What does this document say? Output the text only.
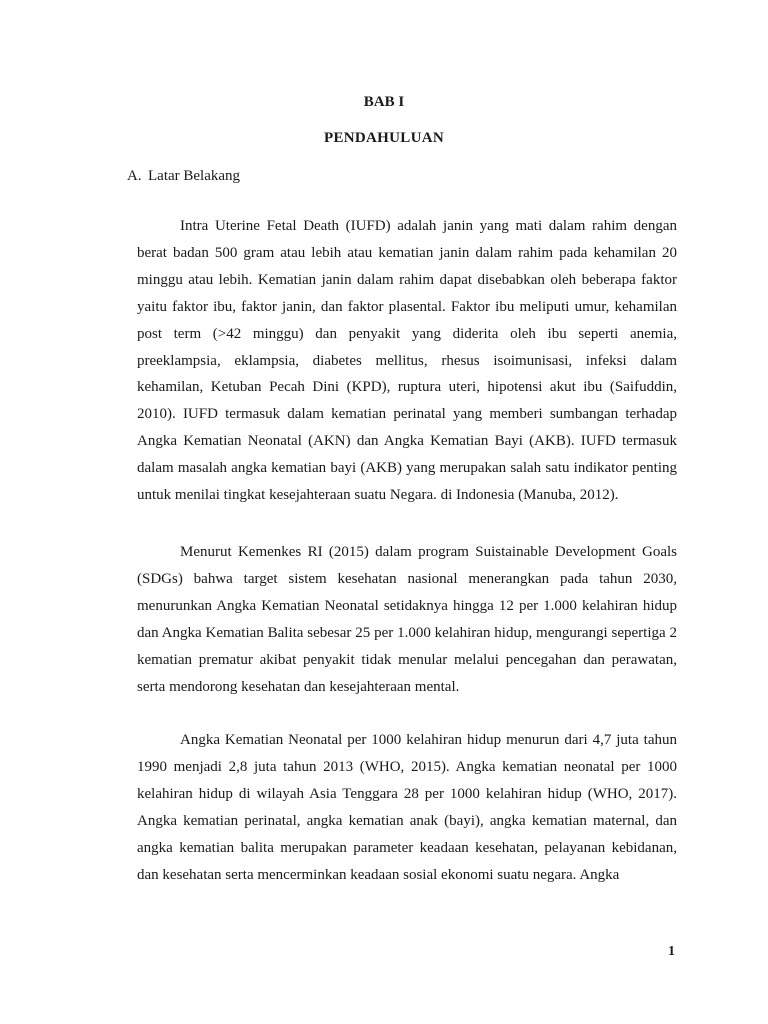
BAB I
PENDAHULUAN
A. Latar Belakang

Intra Uterine Fetal Death (IUFD) adalah janin yang mati dalam rahim dengan berat badan 500 gram atau lebih atau kematian janin dalam rahim pada kehamilan 20 minggu atau lebih. Kematian janin dalam rahim dapat disebabkan oleh beberapa faktor yaitu faktor ibu, faktor janin, dan faktor plasental. Faktor ibu meliputi umur, kehamilan post term (>42 minggu) dan penyakit yang diderita oleh ibu seperti anemia, preeklampsia, eklampsia, diabetes mellitus, rhesus isoimunisasi, infeksi dalam kehamilan, Ketuban Pecah Dini (KPD), ruptura uteri, hipotensi akut ibu (Saifuddin, 2010). IUFD termasuk dalam kematian perinatal yang memberi sumbangan terhadap Angka Kematian Neonatal (AKN) dan Angka Kematian Bayi (AKB). IUFD termasuk dalam masalah angka kematian bayi (AKB) yang merupakan salah satu indikator penting untuk menilai tingkat kesejahteraan suatu Negara. di Indonesia (Manuba, 2012).

Menurut Kemenkes RI (2015) dalam program Suistainable Development Goals (SDGs) bahwa target sistem kesehatan nasional menerangkan pada tahun 2030, menurunkan Angka Kematian Neonatal setidaknya hingga 12 per 1.000 kelahiran hidup dan Angka Kematian Balita sebesar 25 per 1.000 kelahiran hidup, mengurangi sepertiga 2 kematian prematur akibat penyakit tidak menular melalui pencegahan dan perawatan, serta mendorong kesehatan dan kesejahteraan mental.

Angka Kematian Neonatal per 1000 kelahiran hidup menurun dari 4,7 juta tahun 1990 menjadi 2,8 juta tahun 2013 (WHO, 2015). Angka kematian neonatal per 1000 kelahiran hidup di wilayah Asia Tenggara 28 per 1000 kelahiran hidup (WHO, 2017). Angka kematian perinatal, angka kematian anak (bayi), angka kematian maternal, dan angka kematian balita merupakan parameter keadaan kesehatan, pelayanan kebidanan, dan kesehatan serta mencerminkan keadaan sosial ekonomi suatu negara. Angka

1
